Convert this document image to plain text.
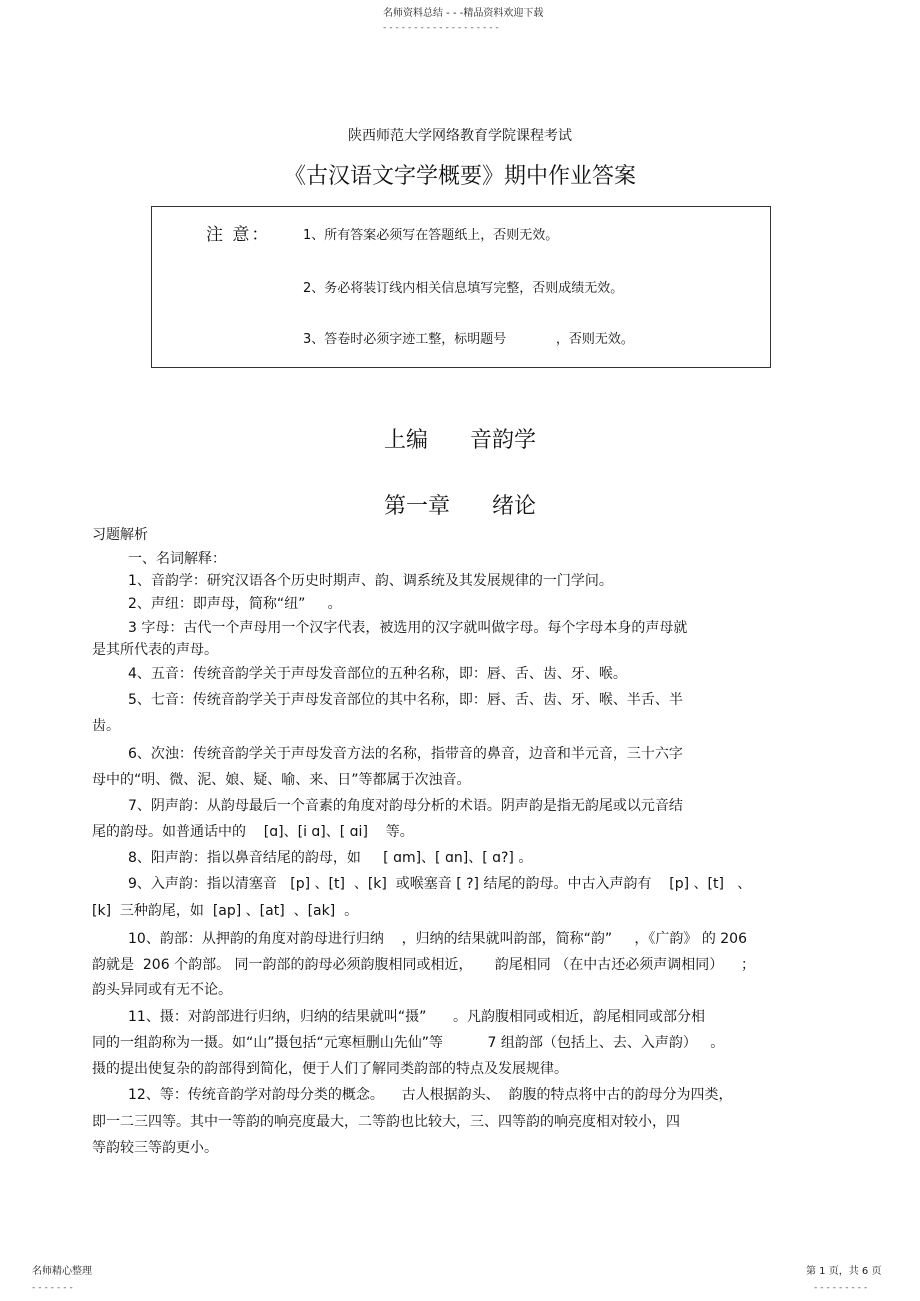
名师资料总结 - - -精品资料欢迎下载
-------------------
陕西师范大学网络教育学院课程考试
《古汉语文字学概要》期中作业答案
注 意：	1、所有答案必须写在答题纸上，否则无效。
2、务必将装订线内相关信息填写完整，否则成绩无效。
3、答卷时必须字迹工整，标明题号            ，否则无效。
上编      音韵学
第一章      绪论
习题解析
一、名词解释：
1、音韵学：研究汉语各个历史时期声、韵、调系统及其发展规律的一门学问。
2、声纽：即声母，简称“纽”     。
3 字母：古代一个声母用一个汉字代表，被选用的汉字就叫做字母。每个字母本身的声母就
是其所代表的声母。
4、五音：传统音韵学关于声母发音部位的五种名称，即：唇、舌、齿、牙、喉。
5、七音：传统音韵学关于声母发音部位的其中名称，即：唇、舌、齿、牙、喉、半舌、半
齿。
6、次浊：传统音韵学关于声母发音方法的名称，指带音的鼻音，边音和半元音，三十六字
母中的“明、微、泥、娘、疑、喻、来、日”等都属于次浊音。
7、阴声韵：从韵母最后一个音素的角度对韵母分析的术语。阴声韵是指无韵尾或以元音结
尾的韵母。如普通话中的    [ɑ]、[i ɑ]、[ ɑi]    等。
8、阳声韵：指以鼻音结尾的韵母，如     [ ɑm]、[ ɑn]、[ ɑ?] 。
9、入声韵：指以清塞音   [p] 、[t]  、[k]  或喉塞音 [ ?] 结尾的韵母。中古入声韵有    [p] 、[t]   、
[k]  三种韵尾，如  [ap] 、[at]  、[ak]  。
10、韵部：从押韵的角度对韵母进行归纳    ，归纳的结果就叫韵部，简称“韵”     ，《广韵》 的 206
韵就是  206 个韵部。 同一韵部的韵母必须韵腹相同或相近，     韵尾相同 （在中古还必须声调相同）    ；
韵头异同或有无不论。
11、摄：对韵部进行归纳，归纳的结果就叫“摄”      。凡韵腹相同或相近，韵尾相同或部分相
同的一组韵称为一摄。如“山”摄包括“元寒桓删山先仙”等          7 组韵部（包括上、去、入声韵）   。
摄的提出使复杂的韵部得到简化，便于人们了解同类韵部的特点及发展规律。
12、等：传统音韵学对韵母分类的概念。    古人根据韵头、  韵腹的特点将中古的韵母分为四类，
即一二三四等。其中一等韵的响亮度最大，二等韵也比较大，三、四等韵的响亮度相对较小，四
等韵较三等韵更小。
名师精心整理
-------
第 1 页，共 6 页
---------
